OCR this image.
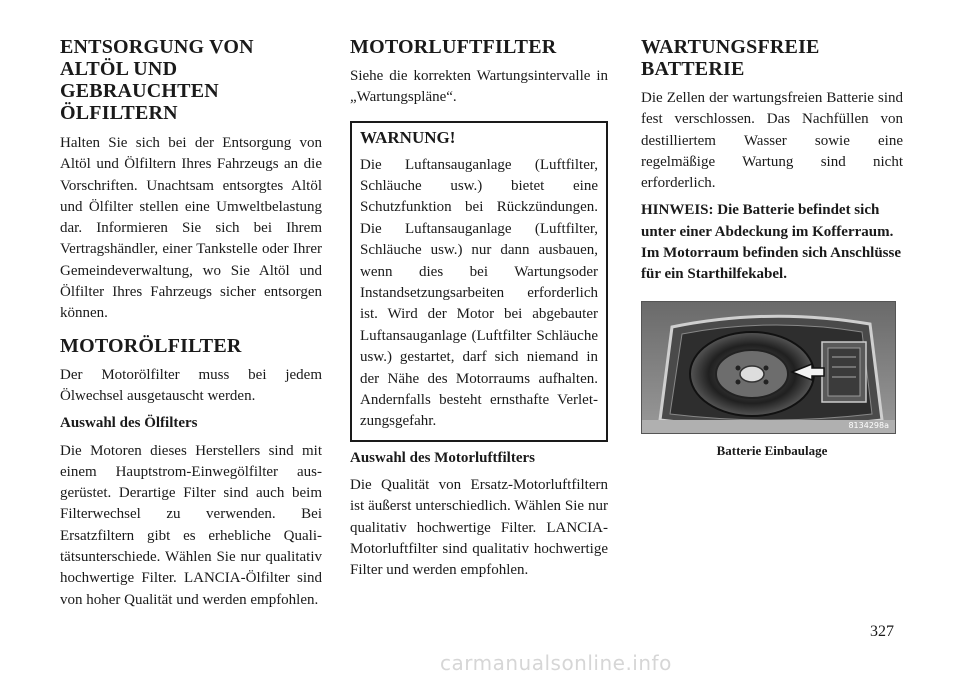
ENTSORGUNG VON ALTÖL UND GEBRAUCHTEN ÖLFILTERN

Halten Sie sich bei der Entsorgung von Altöl und Ölfiltern Ihres Fahrzeugs an die Vorschriften. Unachtsam entsorgtes Altöl und Ölfilter stellen eine Umweltbelastung dar. Informieren Sie sich bei Ihrem Vertragshändler, einer Tankstelle oder Ihrer Gemeindeverwaltung, wo Sie Altöl und Ölfilter Ihres Fahrzeugs sicher entsorgen können.

MOTORÖLFILTER

Der Motorölfilter muss bei jedem Ölwechsel ausgetauscht werden.

Auswahl des Ölfilters

Die Motoren dieses Herstellers sind mit einem Hauptstrom-Einwegölfilter ausgerüstet. Derartige Filter sind auch beim Filterwechsel zu verwenden. Bei Ersatzfiltern gibt es erhebliche Qualitätsunterschiede. Wählen Sie nur qualitativ hochwertige Filter. LANCIA-Ölfilter sind von hoher Qualität und werden empfohlen.

MOTORLUFTFILTER

Siehe die korrekten Wartungsintervalle in „Wartungspläne“.

WARNUNG!

Die Luftansauganlage (Luftfilter, Schläuche usw.) bietet eine Schutzfunktion bei Rückzündungen. Die Luftansauganlage (Luftfilter, Schläuche usw.) nur dann ausbauen, wenn dies bei Wartungsoder Instandsetzungsarbeiten erforderlich ist. Wird der Motor bei abgebauter Luftansauganlage (Luftfilter Schläuche usw.) gestartet, darf sich niemand in der Nähe des Motorraums aufhalten. Andernfalls besteht ernsthafte Verletzungsgefahr.

Auswahl des Motorluftfilters

Die Qualität von Ersatz-Motorluftfiltern ist äußerst unterschiedlich. Wählen Sie nur qualitativ hochwertige Filter. LANCIA-Motorluftfilter sind qualitativ hochwertige Filter und werden empfohlen.

WARTUNGSFREIE BATTERIE

Die Zellen der wartungsfreien Batterie sind fest verschlossen. Das Nachfüllen von destilliertem Wasser sowie eine regelmäßige Wartung sind nicht erforderlich.

HINWEIS: Die Batterie befindet sich unter einer Abdeckung im Kofferraum. Im Motorraum befinden sich Anschlüsse für ein Starthilfekabel.

8134298a
Batterie Einbaulage
327
carmanualsonline.info
